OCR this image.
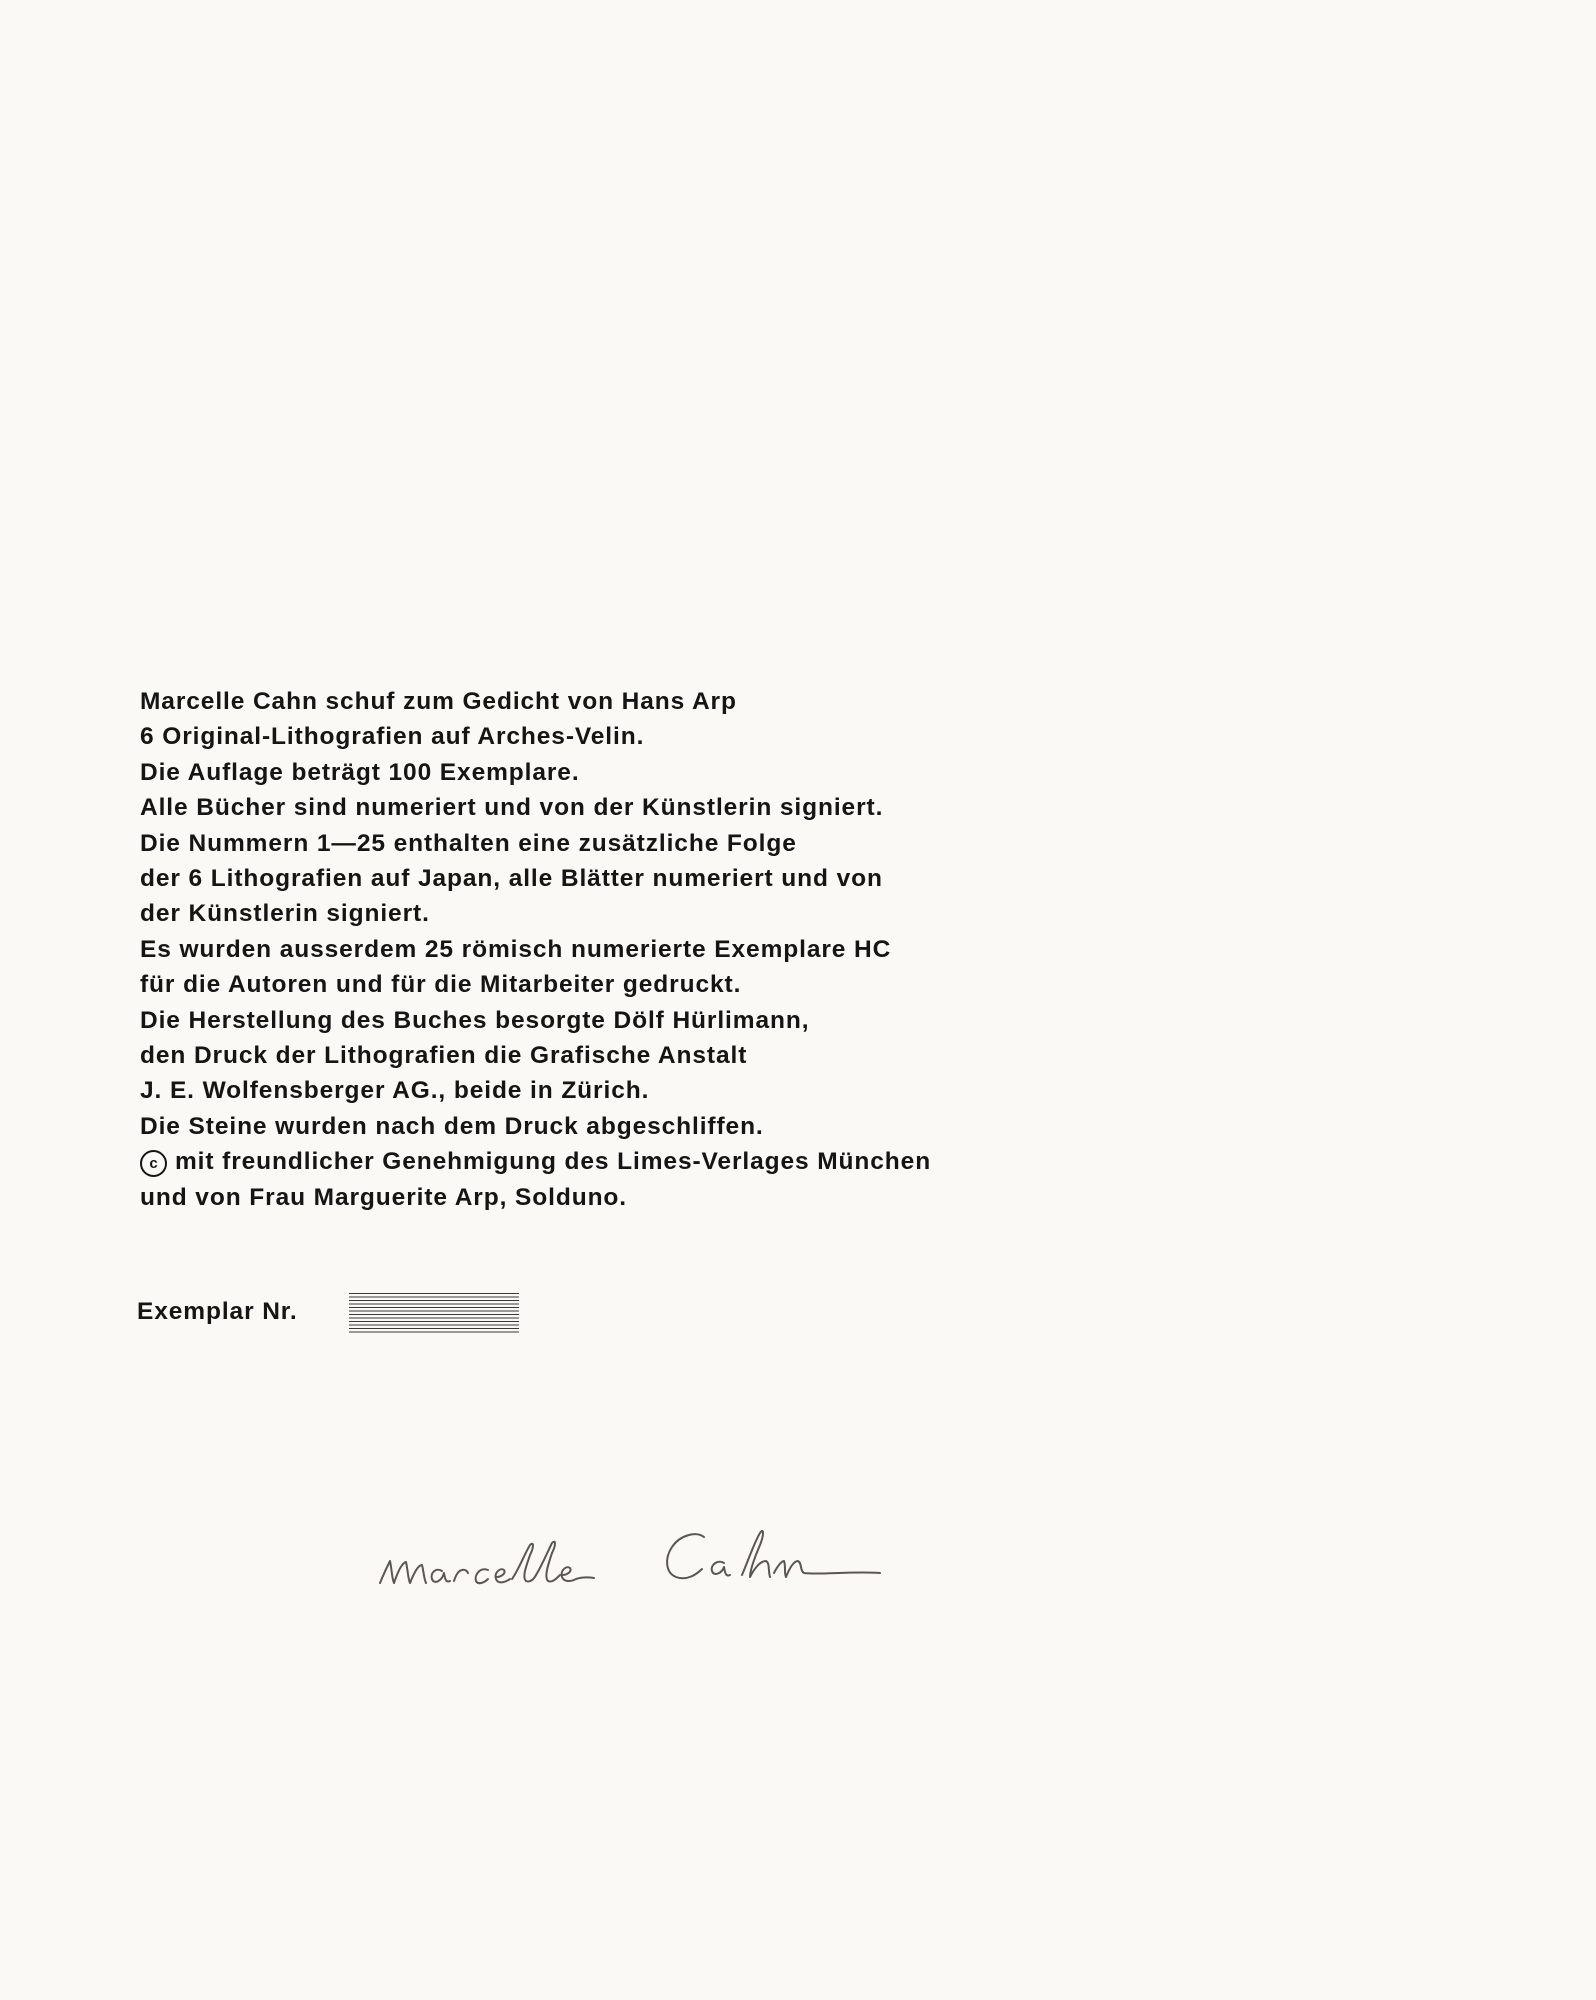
Marcelle Cahn schuf zum Gedicht von Hans Arp
6 Original-Lithografien auf Arches-Velin.
Die Auflage beträgt 100 Exemplare.
Alle Bücher sind numeriert und von der Künstlerin signiert.
Die Nummern 1—25 enthalten eine zusätzliche Folge
der 6 Lithografien auf Japan, alle Blätter numeriert und von
der Künstlerin signiert.
Es wurden ausserdem 25 römisch numerierte Exemplare HC
für die Autoren und für die Mitarbeiter gedruckt.
Die Herstellung des Buches besorgte Dölf Hürlimann,
den Druck der Lithografien die Grafische Anstalt
J. E. Wolfensberger AG., beide in Zürich.
Die Steine wurden nach dem Druck abgeschliffen.
c mit freundlicher Genehmigung des Limes-Verlages München
und von Frau Marguerite Arp, Solduno.
Exemplar Nr.
